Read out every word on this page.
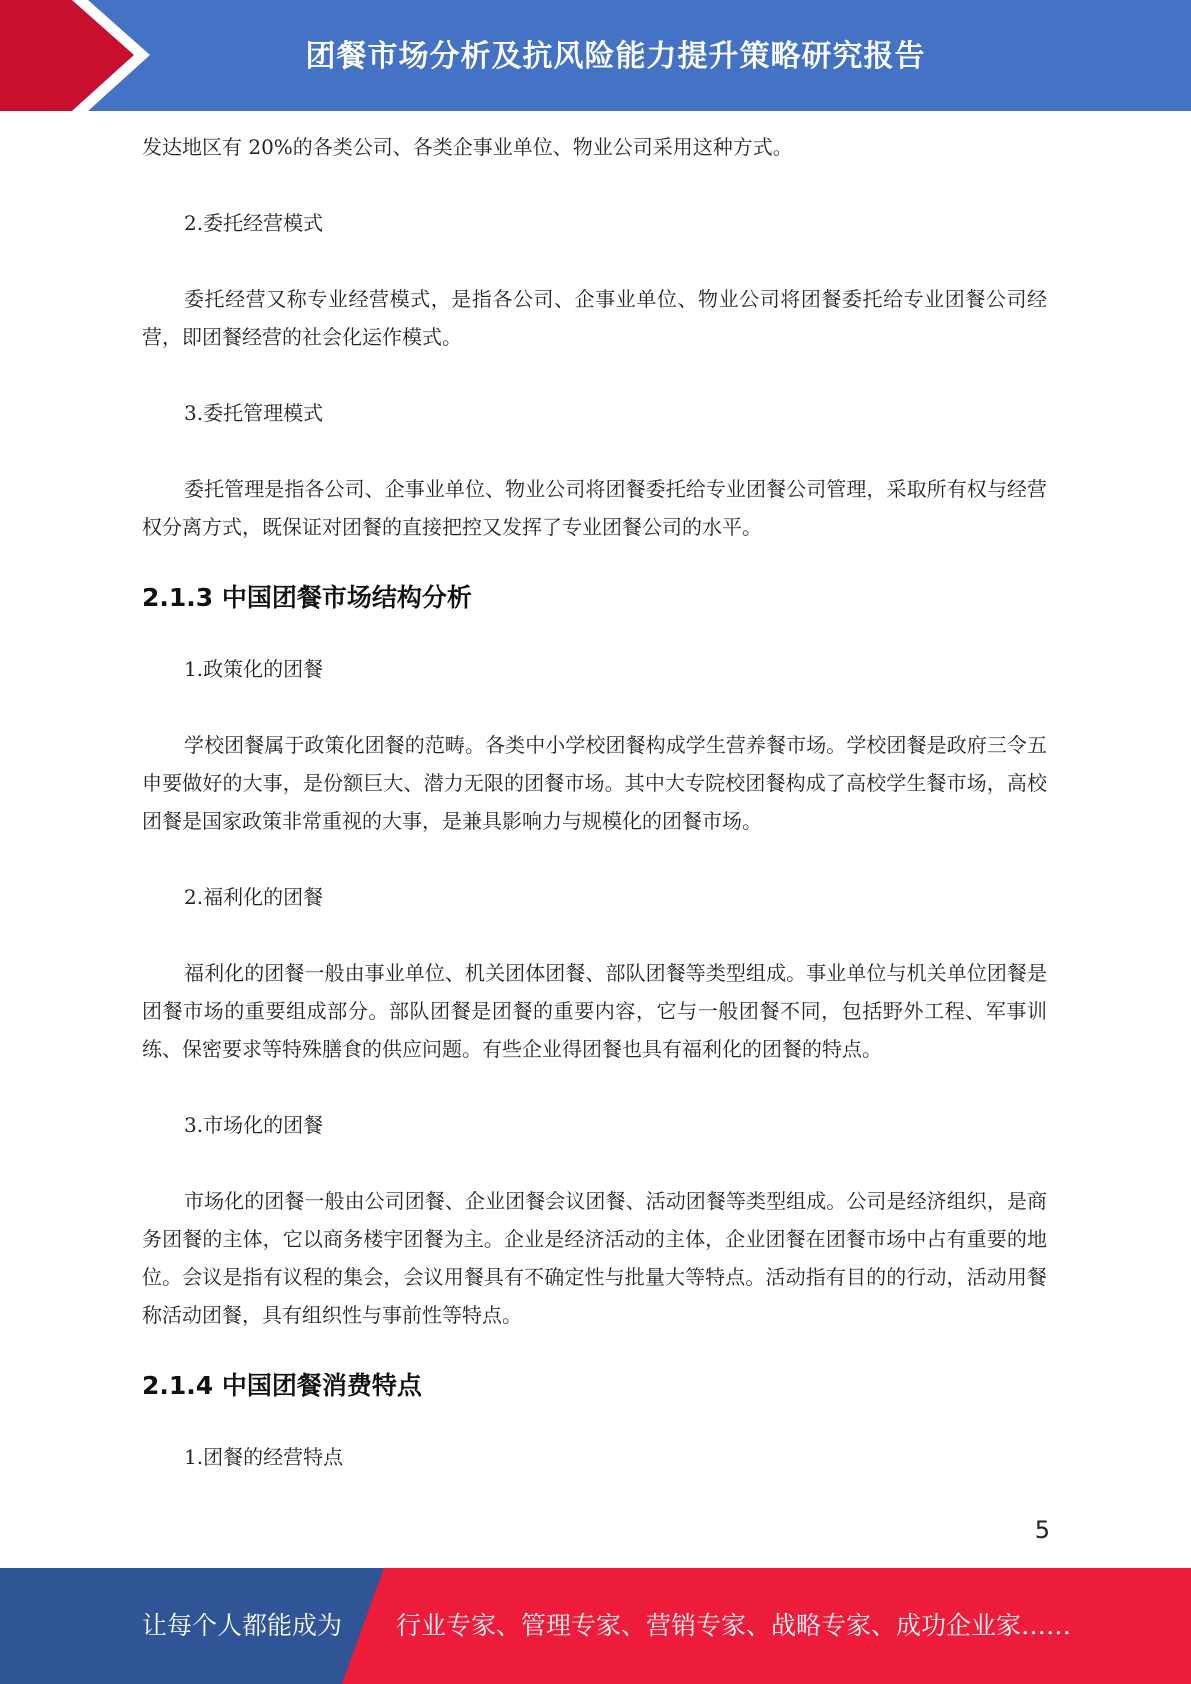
团餐市场分析及抗风险能力提升策略研究报告

发达地区有 20%的各类公司、各类企事业单位、物业公司采用这种方式。

2.委托经营模式

委托经营又称专业经营模式，是指各公司、企事业单位、物业公司将团餐委托给专业团餐公司经营，即团餐经营的社会化运作模式。

3.委托管理模式

委托管理是指各公司、企事业单位、物业公司将团餐委托给专业团餐公司管理，采取所有权与经营权分离方式，既保证对团餐的直接把控又发挥了专业团餐公司的水平。

2.1.3 中国团餐市场结构分析

1.政策化的团餐

学校团餐属于政策化团餐的范畴。各类中小学校团餐构成学生营养餐市场。学校团餐是政府三令五申要做好的大事，是份额巨大、潜力无限的团餐市场。其中大专院校团餐构成了高校学生餐市场，高校团餐是国家政策非常重视的大事，是兼具影响力与规模化的团餐市场。

2.福利化的团餐

福利化的团餐一般由事业单位、机关团体团餐、部队团餐等类型组成。事业单位与机关单位团餐是团餐市场的重要组成部分。部队团餐是团餐的重要内容，它与一般团餐不同，包括野外工程、军事训练、保密要求等特殊膳食的供应问题。有些企业得团餐也具有福利化的团餐的特点。

3.市场化的团餐

市场化的团餐一般由公司团餐、企业团餐会议团餐、活动团餐等类型组成。公司是经济组织，是商务团餐的主体，它以商务楼宇团餐为主。企业是经济活动的主体，企业团餐在团餐市场中占有重要的地位。会议是指有议程的集会，会议用餐具有不确定性与批量大等特点。活动指有目的的行动，活动用餐称活动团餐，具有组织性与事前性等特点。

2.1.4 中国团餐消费特点

1.团餐的经营特点

5
让每个人都能成为 行业专家、管理专家、营销专家、战略专家、成功企业家……
